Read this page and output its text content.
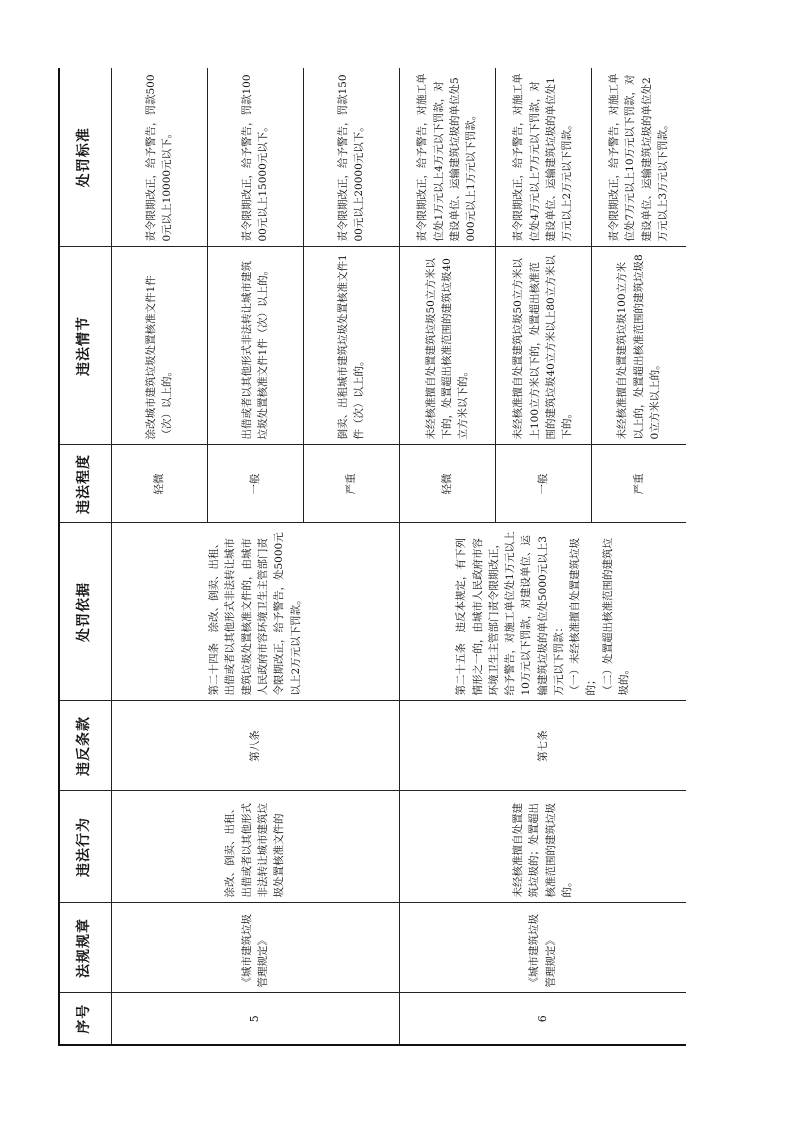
序号	法规规章	违法行为	违反条款	处罚依据	违法程度	违法情节	处罚标准
5	《城市建筑垃圾管理规定》	涂改、倒卖、出租、出借或者以其他形式非法转让城市建筑垃圾处置核准文件的	第八条	第二十四条　涂改、倒卖、出租、出借或者以其他形式非法转让城市建筑垃圾处置核准文件的，由城市人民政府市容环境卫生主管部门责令限期改正，给予警告，处5000元以上2万元以下罚款。	轻微	涂改城市建筑垃圾处置核准文件1件（次）以上的。	责令限期改正，给予警告，罚款5000元以上10000元以下。
					一般	出借或者以其他形式非法转让城市建筑垃圾处置核准文件1件（次）以上的。	责令限期改正，给予警告，罚款10000元以上15000元以下。
					严重	倒卖、出租城市建筑垃圾处置核准文件1件（次）以上的。	责令限期改正，给予警告，罚款15000元以上20000元以下。
6	《城市建筑垃圾管理规定》	未经核准擅自处置建筑垃圾的；处置超出核准范围的建筑垃圾的。	第七条	第二十五条　违反本规定，有下列情形之一的，由城市人民政府市容环境卫生主管部门责令限期改正，给予警告，对施工单位处1万元以上10万元以下罚款，对建设单位、运输建筑垃圾的单位处5000元以上3万元以下罚款： （一）未经核准擅自处置建筑垃圾的； （二）处置超出核准范围的建筑垃圾的。	轻微	未经核准擅自处置建筑垃圾50立方米以下的，处置超出核准范围的建筑垃圾40立方米以下的。	责令限期改正，给予警告，对施工单位处1万元以上4万元以下罚款，对建设单位、运输建筑垃圾的单位处5000元以上1万元以下罚款。
					一般	未经核准擅自处置建筑垃圾50立方米以上100立方米以下的，处置超出核准范围的建筑垃圾40立方米以上80立方米以下的。	责令限期改正，给予警告，对施工单位处4万元以上7万元以下罚款，对建设单位、运输建筑垃圾的单位处1万元以上2万元以下罚款。
					严重	未经核准擅自处置建筑垃圾100立方米以上的，处置超出核准范围的建筑垃圾80立方米以上的。	责令限期改正，给予警告，对施工单位处7万元以上10万元以下罚款，对建设单位、运输建筑垃圾的单位处2万元以上3万元以下罚款。
